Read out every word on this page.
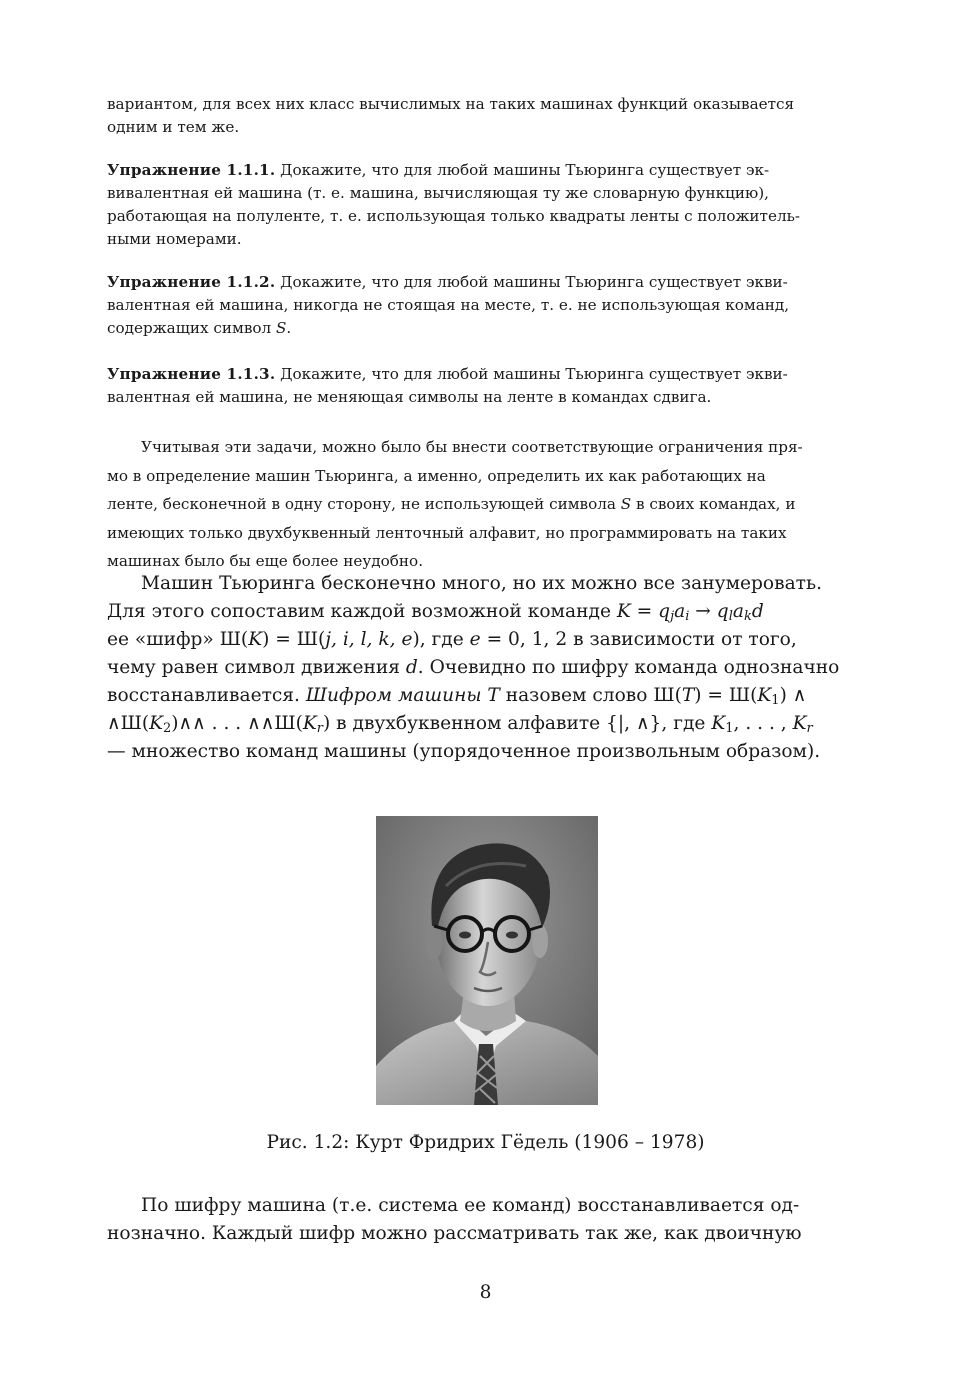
вариантом, для всех них класс вычислимых на таких машинах функций оказывается

одним и тем же.

Упражнение 1.1.1. Докажите, что для любой машины Тьюринга существует эк-

вивалентная ей машина (т. е. машина, вычисляющая ту же словарную функцию),

работающая на полуленте, т. е. использующая только квадраты ленты с положитель-

ными номерами.

Упражнение 1.1.2. Докажите, что для любой машины Тьюринга существует экви-

валентная ей машина, никогда не стоящая на месте, т. е. не использующая команд,

содержащих символ S.

Упражнение 1.1.3. Докажите, что для любой машины Тьюринга существует экви-

валентная ей машина, не меняющая символы на ленте в командах сдвига.

Учитывая эти задачи, можно было бы внести соответствующие ограничения пря-

мо в определение машин Тьюринга, а именно, определить их как работающих на

ленте, бесконечной в одну сторону, не использующей символа S в своих командах, и

имеющих только двухбуквенный ленточный алфавит, но программировать на таких

машинах было бы еще более неудобно.

Машин Тьюринга бесконечно много, но их можно все занумеровать.

Для этого сопоставим каждой возможной команде $K = q_ja_i \to q_la_kd$

ее «шифр» Ш(K) = Ш(j, i, l, k, e), где e = 0, 1, 2 в зависимости от того,

чему равен символ движения d. Очевидно по шифру команда однозначно

восстанавливается. Шифром машины T назовем слово $Ш(T) = Ш(K_1)$ ∧

$\wedge Ш(K_2)\wedge\wedge$ . . . $\wedge\wedge Ш(K_r)$ в двухбуквенном алфавите {|, ∧}, где $K_1$, . . . , $K_r$

— множество команд машины (упорядоченное произвольным образом).

Рис. 1.2: Курт Фридрих Гёдель (1906 – 1978)

По шифру машина (т.е. система ее команд) восстанавливается од-

нозначно. Каждый шифр можно рассматривать так же, как двоичную

8
